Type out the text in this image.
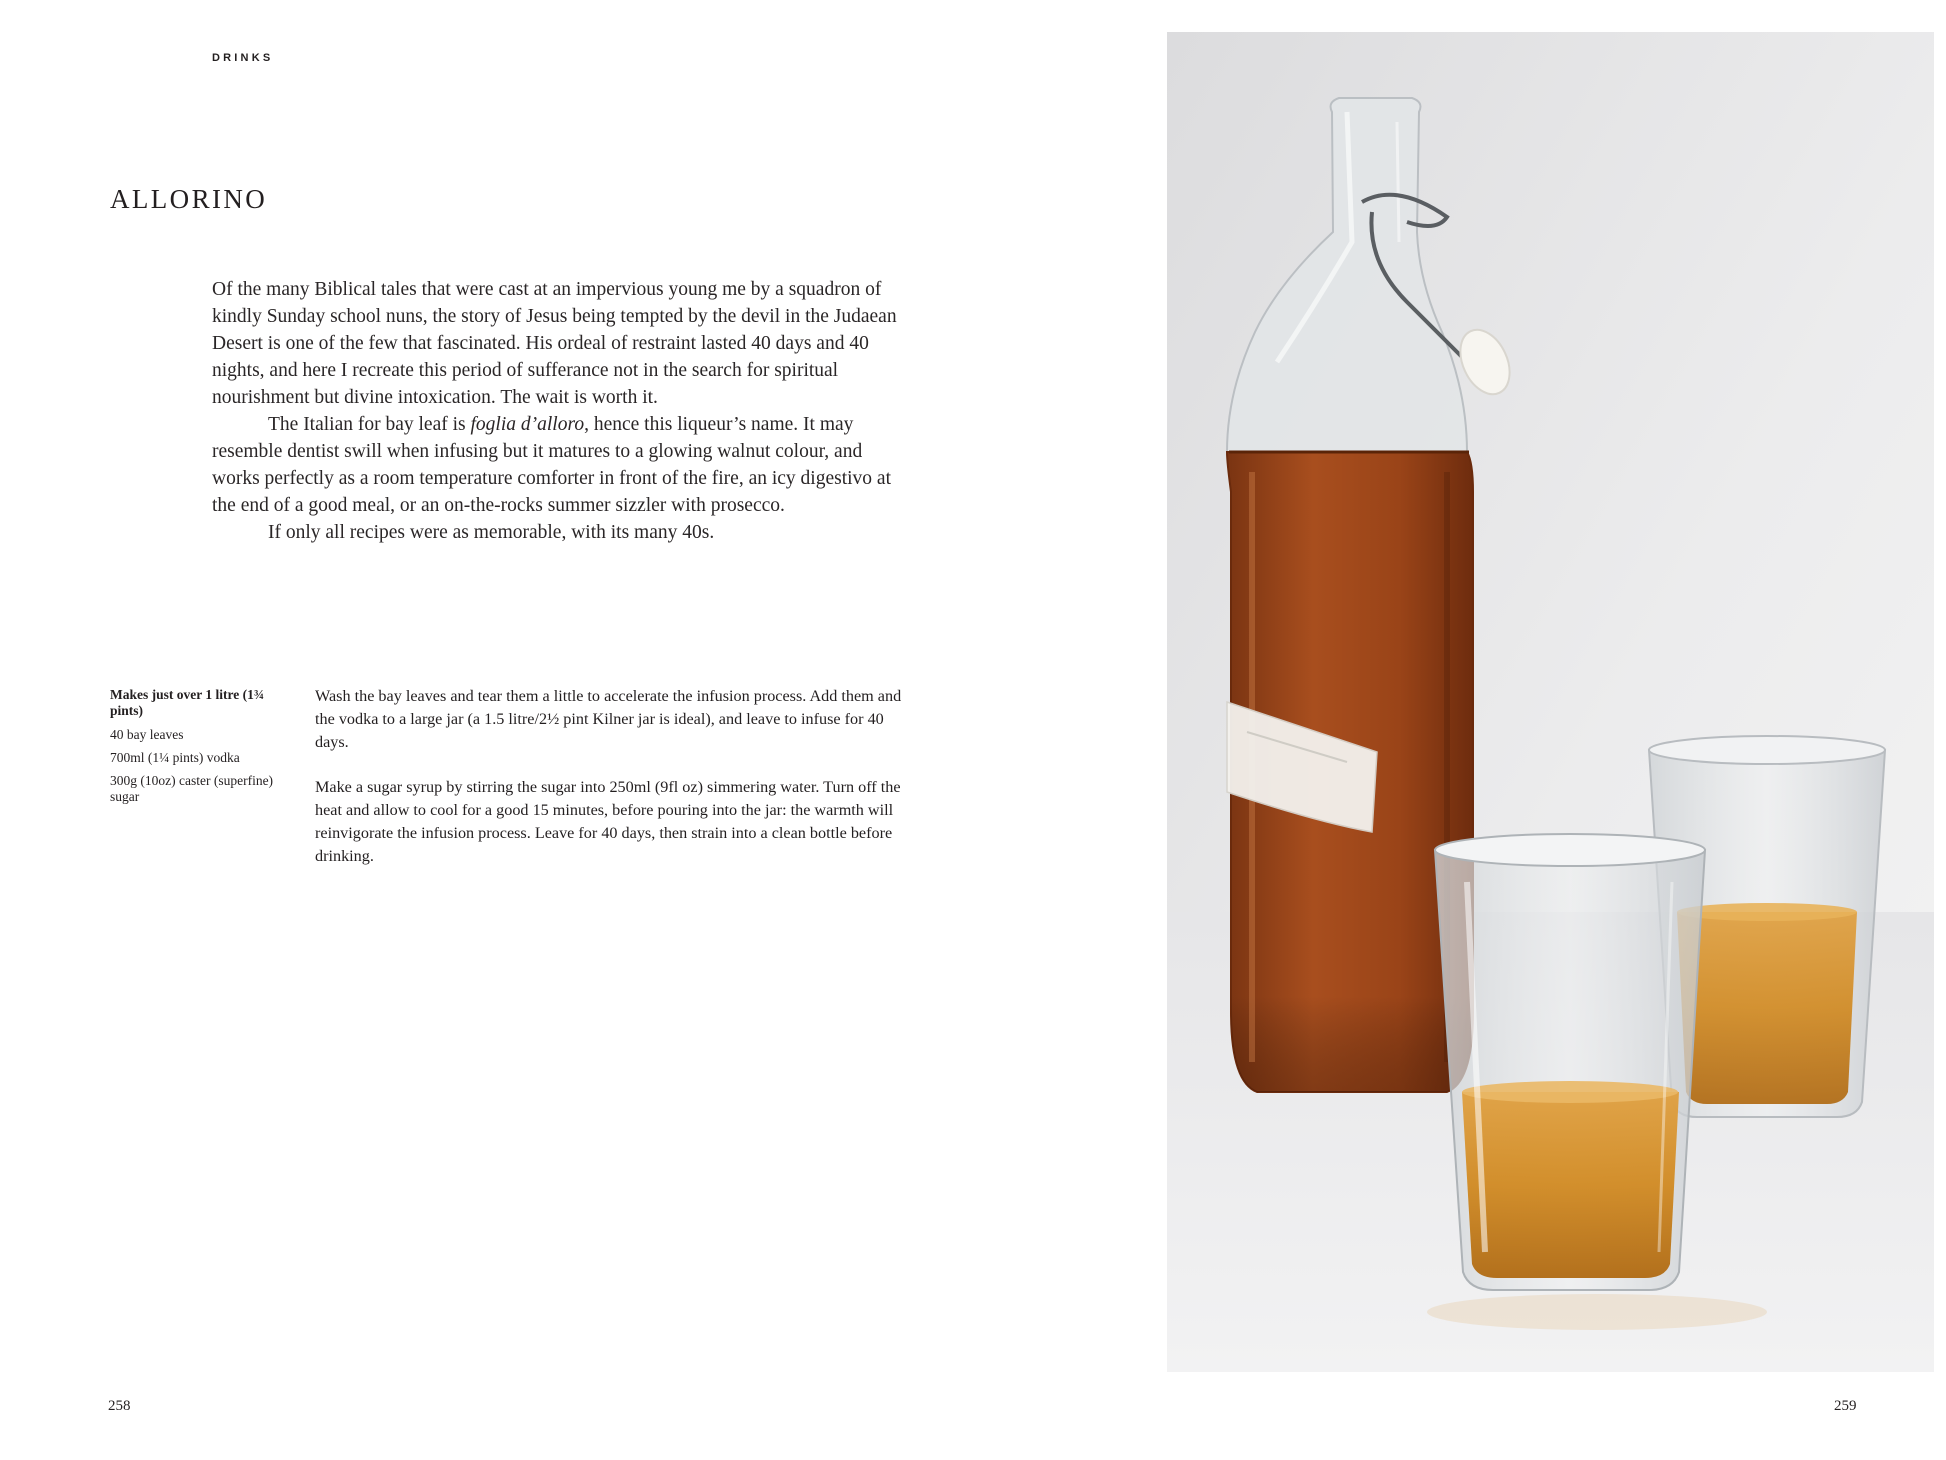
DRINKS
ALLORINO

Of the many Biblical tales that were cast at an impervious young me by a squadron of kindly Sunday school nuns, the story of Jesus being tempted by the devil in the Judaean Desert is one of the few that fascinated. His ordeal of restraint lasted 40 days and 40 nights, and here I recreate this period of sufferance not in the search for spiritual nourishment but divine intoxication. The wait is worth it.

The Italian for bay leaf is foglia d’alloro, hence this liqueur’s name. It may resemble dentist swill when infusing but it matures to a glowing walnut colour, and works perfectly as a room temperature comforter in front of the fire, an icy digestivo at the end of a good meal, or an on-the-rocks summer sizzler with prosecco.

If only all recipes were as memorable, with its many 40s.

Makes just over 1 litre (1¾ pints)
40 bay leaves
700ml (1¼ pints) vodka
300g (10oz) caster (superfine) sugar

Wash the bay leaves and tear them a little to accelerate the infusion process. Add them and the vodka to a large jar (a 1.5 litre/2½ pint Kilner jar is ideal), and leave to infuse for 40 days.

Make a sugar syrup by stirring the sugar into 250ml (9fl oz) simmering water. Turn off the heat and allow to cool for a good 15 minutes, before pouring into the jar: the warmth will reinvigorate the infusion process. Leave for 40 days, then strain into a clean bottle before drinking.

258	259
